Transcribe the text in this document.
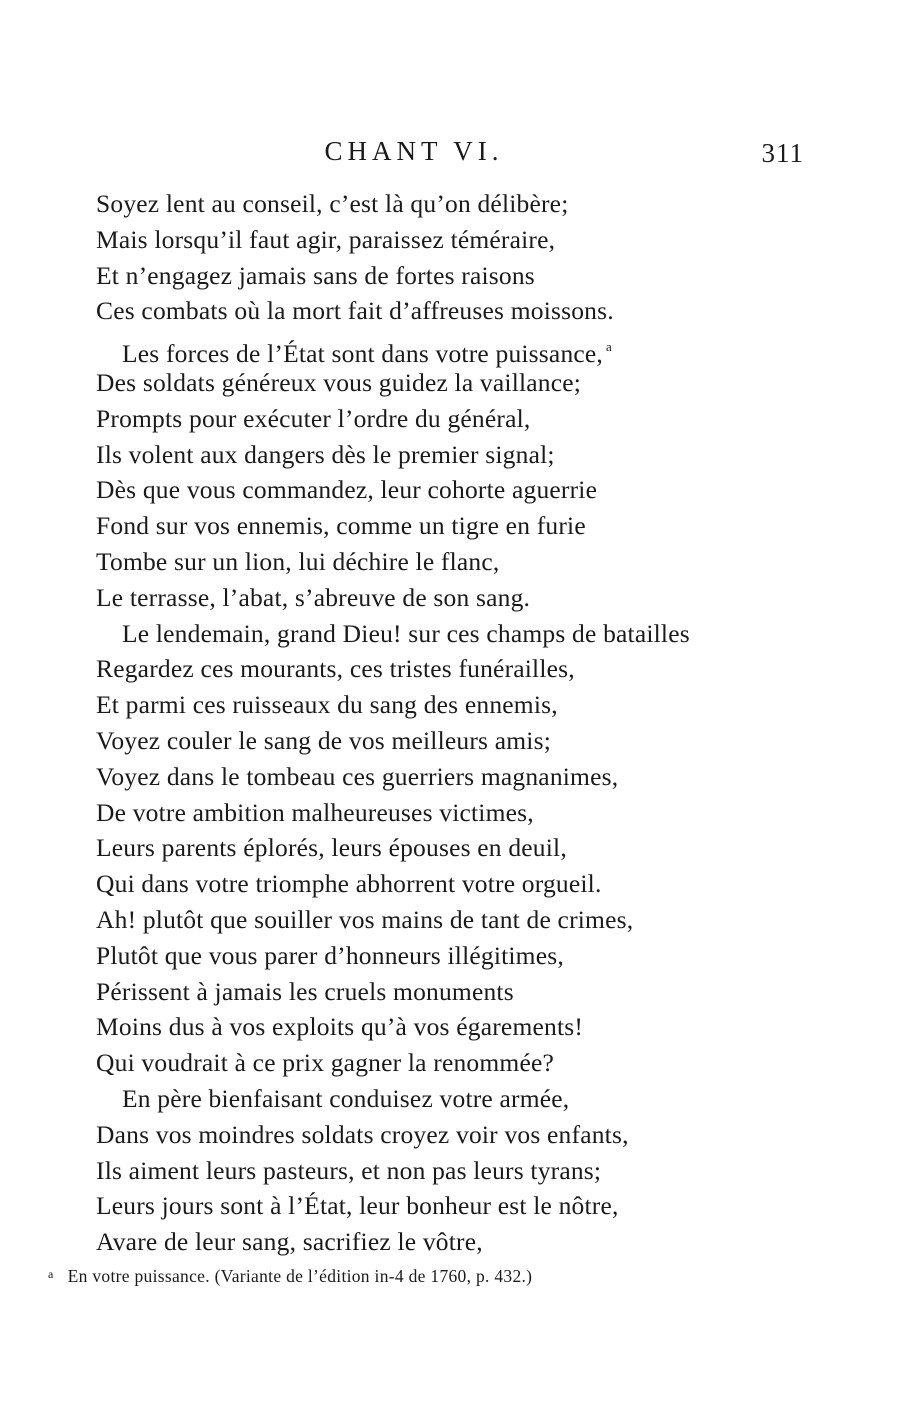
CHANT VI.	311
Soyez lent au conseil, c’est là qu’on délibère;
Mais lorsqu’il faut agir, paraissez téméraire,
Et n’engagez jamais sans de fortes raisons
Ces combats où la mort fait d’affreuses moissons.
Les forces de l’État sont dans votre puissance, $^a$
Des soldats généreux vous guidez la vaillance;
Prompts pour exécuter l’ordre du général,
Ils volent aux dangers dès le premier signal;
Dès que vous commandez, leur cohorte aguerrie
Fond sur vos ennemis, comme un tigre en furie
Tombe sur un lion, lui déchire le flanc,
Le terrasse, l’abat, s’abreuve de son sang.
Le lendemain, grand Dieu! sur ces champs de batailles
Regardez ces mourants, ces tristes funérailles,
Et parmi ces ruisseaux du sang des ennemis,
Voyez couler le sang de vos meilleurs amis;
Voyez dans le tombeau ces guerriers magnanimes,
De votre ambition malheureuses victimes,
Leurs parents éplorés, leurs épouses en deuil,
Qui dans votre triomphe abhorrent votre orgueil.
Ah! plutôt que souiller vos mains de tant de crimes,
Plutôt que vous parer d’honneurs illégitimes,
Périssent à jamais les cruels monuments
Moins dus à vos exploits qu’à vos égarements!
Qui voudrait à ce prix gagner la renommée?
En père bienfaisant conduisez votre armée,
Dans vos moindres soldats croyez voir vos enfants,
Ils aiment leurs pasteurs, et non pas leurs tyrans;
Leurs jours sont à l’État, leur bonheur est le nôtre,
Avare de leur sang, sacrifiez le vôtre,
$^a$ En votre puissance. (Variante de l’édition in-4 de 1760, p. 432.)
